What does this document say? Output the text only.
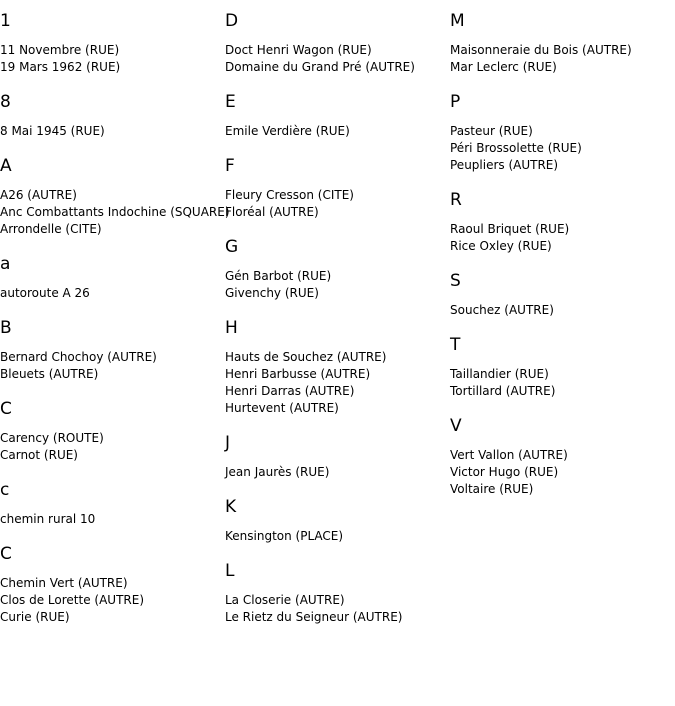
1
11 Novembre (RUE)
19 Mars 1962 (RUE)
8
8 Mai 1945 (RUE)
A
A26 (AUTRE)
Anc Combattants Indochine (SQUARE)
Arrondelle (CITE)
a
autoroute A 26
B
Bernard Chochoy (AUTRE)
Bleuets (AUTRE)
C
Carency (ROUTE)
Carnot (RUE)
c
chemin rural 10
C
Chemin Vert (AUTRE)
Clos de Lorette (AUTRE)
Curie (RUE)
D
Doct Henri Wagon (RUE)
Domaine du Grand Pré (AUTRE)
E
Emile Verdière (RUE)
F
Fleury Cresson (CITE)
Floréal (AUTRE)
G
Gén Barbot (RUE)
Givenchy (RUE)
H
Hauts de Souchez (AUTRE)
Henri Barbusse (AUTRE)
Henri Darras (AUTRE)
Hurtevent (AUTRE)
J
Jean Jaurès (RUE)
K
Kensington (PLACE)
L
La Closerie (AUTRE)
Le Rietz du Seigneur (AUTRE)
M
Maisonneraie du Bois (AUTRE)
Mar Leclerc (RUE)
P
Pasteur (RUE)
Péri Brossolette (RUE)
Peupliers (AUTRE)
R
Raoul Briquet (RUE)
Rice Oxley (RUE)
S
Souchez (AUTRE)
T
Taillandier (RUE)
Tortillard (AUTRE)
V
Vert Vallon (AUTRE)
Victor Hugo (RUE)
Voltaire (RUE)
